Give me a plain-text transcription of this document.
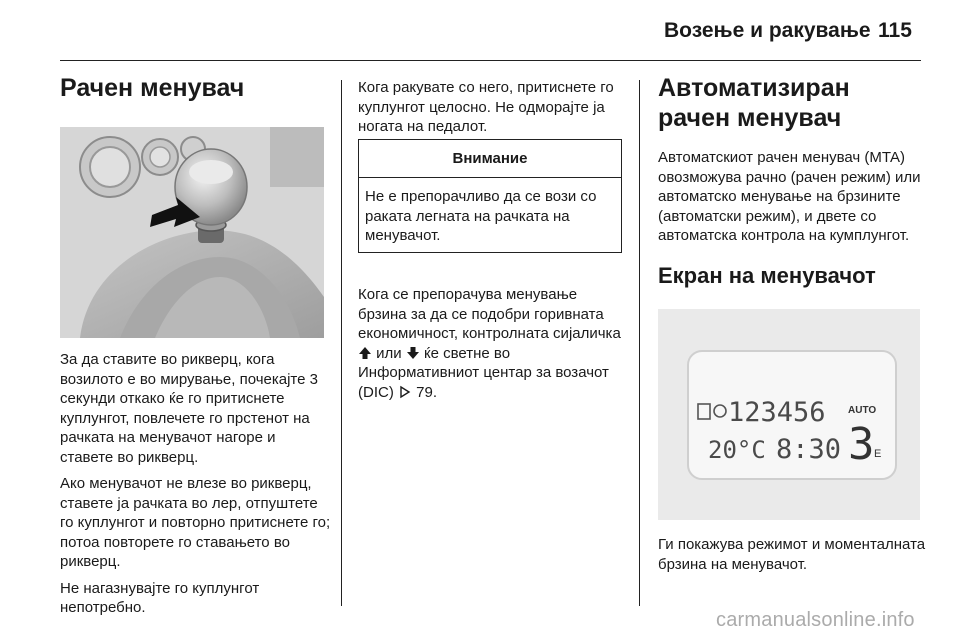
Возење и ракување 115
Рачен менувач

За да ставите во рикверц, кога возилото е во мирување, почекајте 3 секунди откако ќе го притиснете куплунгот, повлечете го прстенот на рачката на менувачот нагоре и ставете во рикверц.

Ако менувачот не влезе во рикверц, ставете ја рачката во лер, отпуштете го куплунгот и повторно притиснете го; потоа повторете го ставањето во рикверц.

Не нагазнувајте го куплунгот непотребно.

Кога ракувате со него, притиснете го куплунгот целосно. Не одморајте ја ногата на педалот.

Внимание
Не е препорачливо да се вози со раката легната на рачката на менувачот.

Кога се препорачува менување брзина за да се подобри горивната економичност, контролната сијаличка  или ќе светне во Информативниот центар за возачот (DIC) 79.

Автоматизиран рачен менувач

Автоматскиот рачен менувач (MTA) овозможува рачно (рачен режим) или автоматско менување на брзините (автоматски режим), и двете со автоматска контрола на кумплунгот.

Екран на менувачот
123456 AUTO
20°C 8:30 3 E

Ги покажува режимот и моменталната брзина на менувачот.

carmanualsonline.info
